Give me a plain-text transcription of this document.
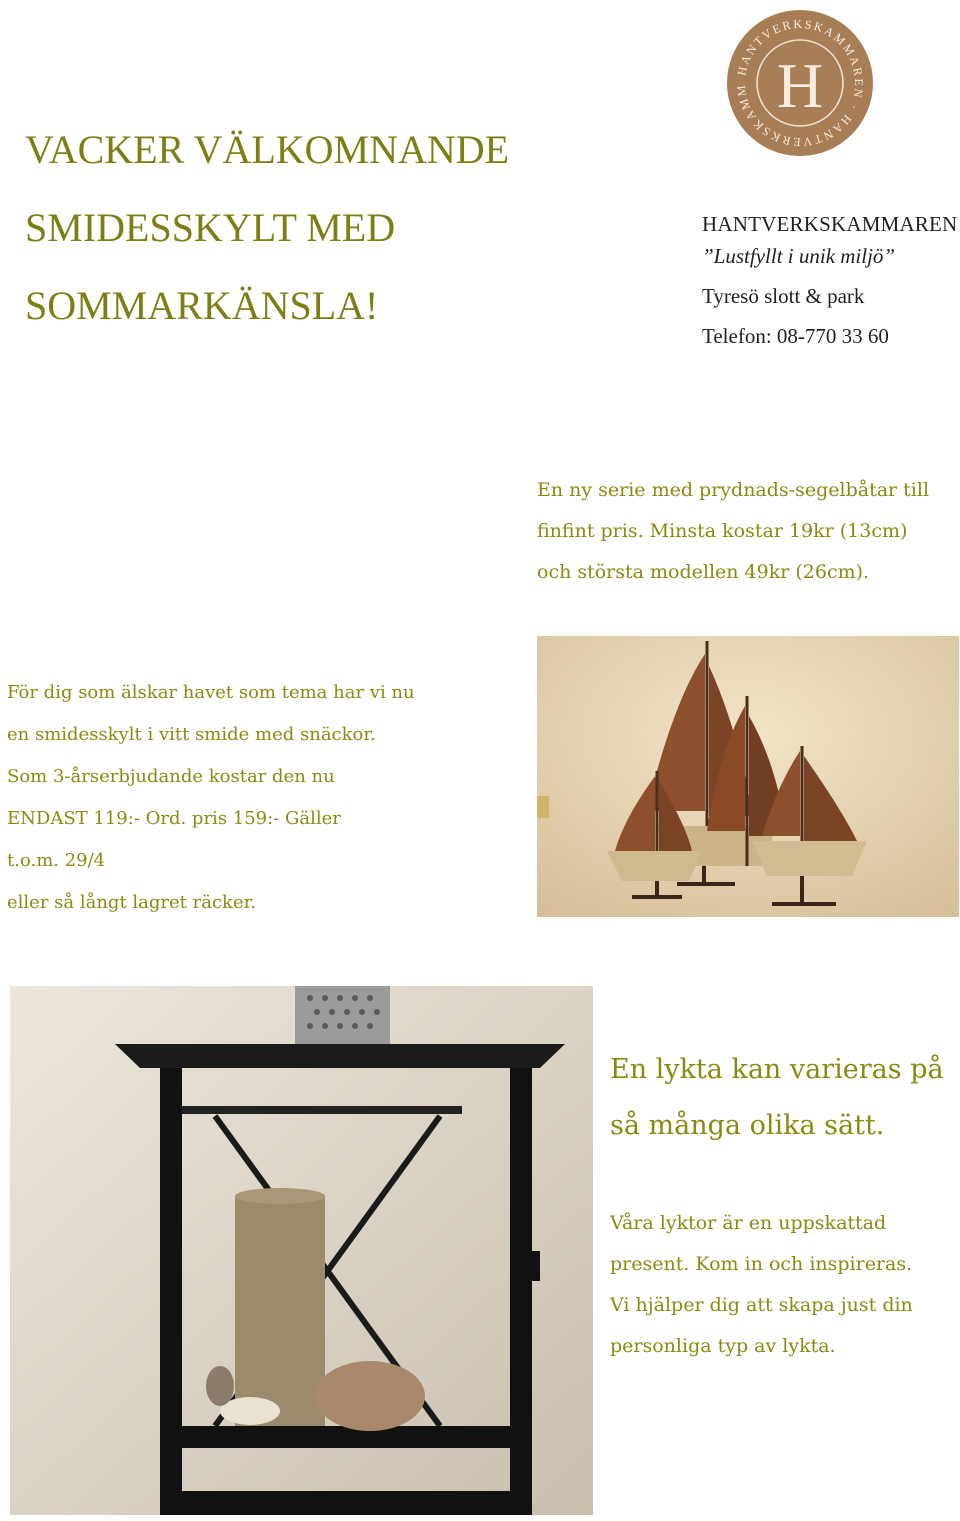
VACKER VÄLKOMNANDE
SMIDESSKYLT MED
SOMMARKÄNSLA!
HANTVERKSKAMMAREN · HANTVERKSKAMM H
HANTVERKSKAMMAREN
”Lustfyllt i unik miljö”
Tyresö slott & park
Telefon: 08-770 33 60

En ny serie med prydnads-segelbåtar till

finfint pris. Minsta kostar 19kr (13cm)

och största modellen 49kr (26cm).

För dig som älskar havet som tema har vi nu

en smidesskylt i vitt smide med snäckor.

Som 3-årserbjudande kostar den nu

ENDAST 119:- Ord. pris 159:- Gäller

t.o.m. 29/4

eller så långt lagret räcker.

En lykta kan varieras på

så många olika sätt.

Våra lyktor är en uppskattad

present. Kom in och inspireras.

Vi hjälper dig att skapa just din

personliga typ av lykta.
